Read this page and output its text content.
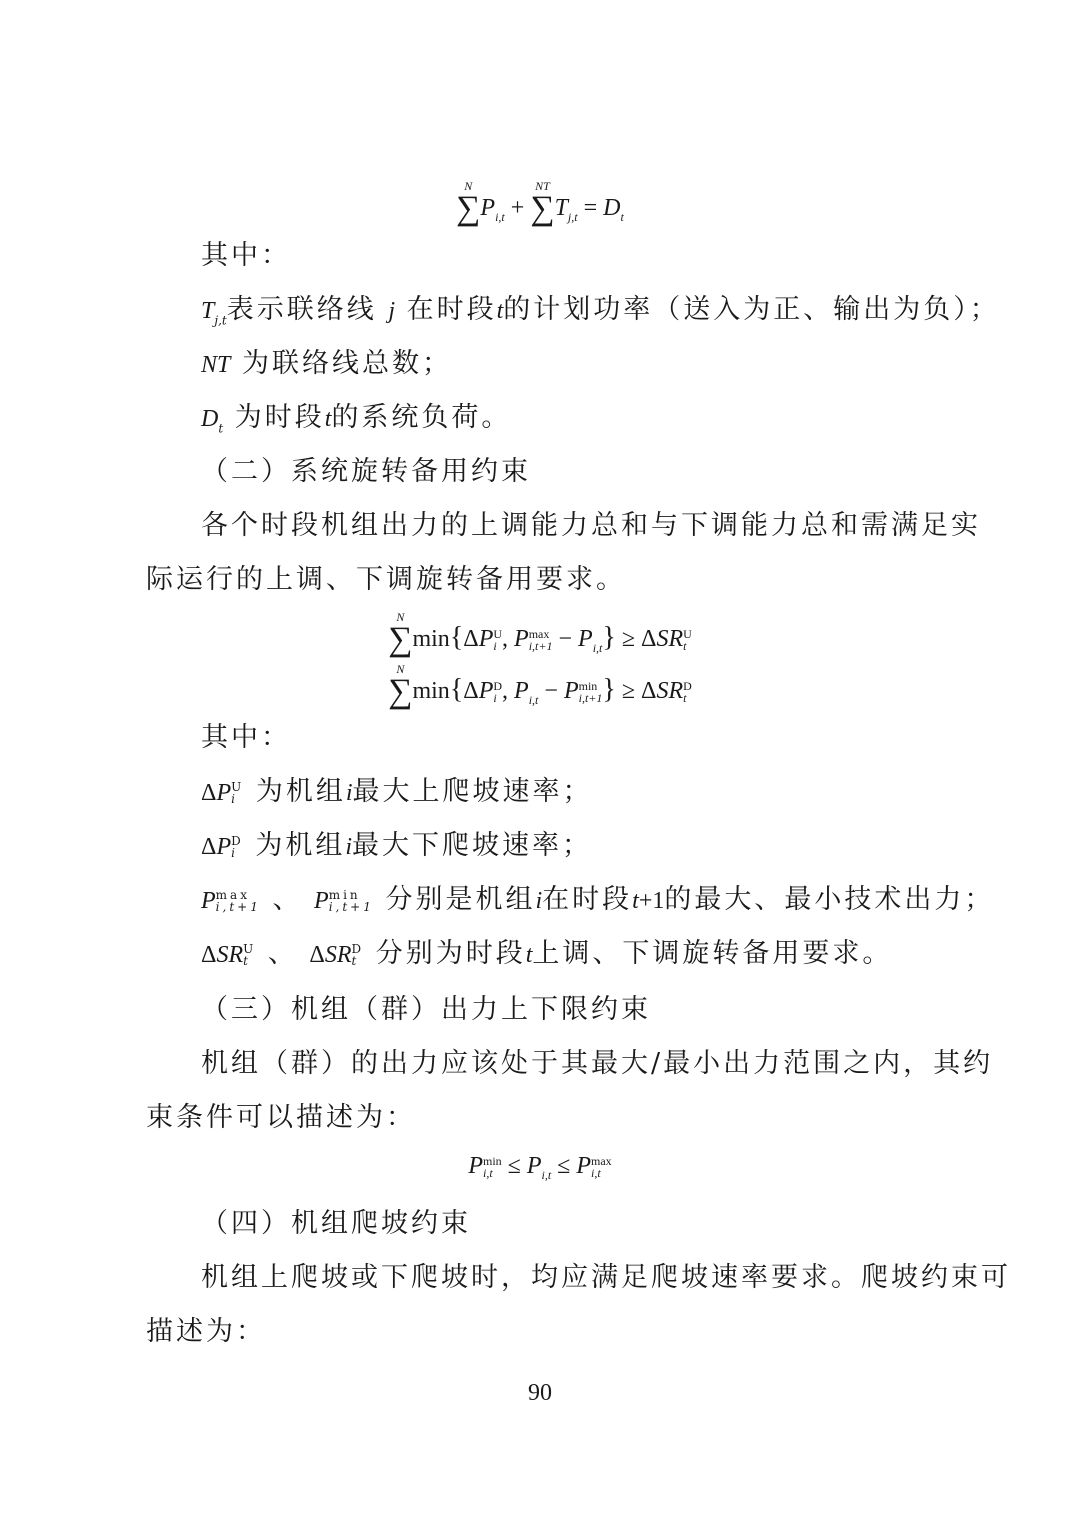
∑
N
$P_{i,t}$ + ∑
NT
$T_{j,t} = D_t$
其中：
$T_{j,t}$表示联络线 j 在时段t的计划功率（送入为正、输出为负）；
NT 为联络线总数；
$D_t$ 为时段t的系统负荷。
（二）系统旋转备用约束
各个时段机组出力的上调能力总和与下调能力总和需满足实
际运行的上调、下调旋转备用要求。
∑
N
min{ΔP U
i , P max
$i,t+1 - P_{i,t}\} \ge \Delta SR$ U
t
∑
N
min{ΔP D
i , $P_{i,t} - P$ min
i,t+1 } ≥ ΔSR D
t
其中：
ΔP U
i 为机组i最大上爬坡速率；
ΔP D
i 为机组i最大下爬坡速率；
P max
i,t+1 、 P min
i,t+1 分别是机组i在时段t+1的最大、最小技术出力；
ΔSR U
t 、 ΔSR D
t 分别为时段t上调、下调旋转备用要求。
（三）机组（群）出力上下限约束
机组（群）的出力应该处于其最大/最小出力范围之内，其约
束条件可以描述为：
P min
$i,t \le P_{i,t} \le P$ max
i,t
（四）机组爬坡约束
机组上爬坡或下爬坡时，均应满足爬坡速率要求。爬坡约束可
描述为：
90
